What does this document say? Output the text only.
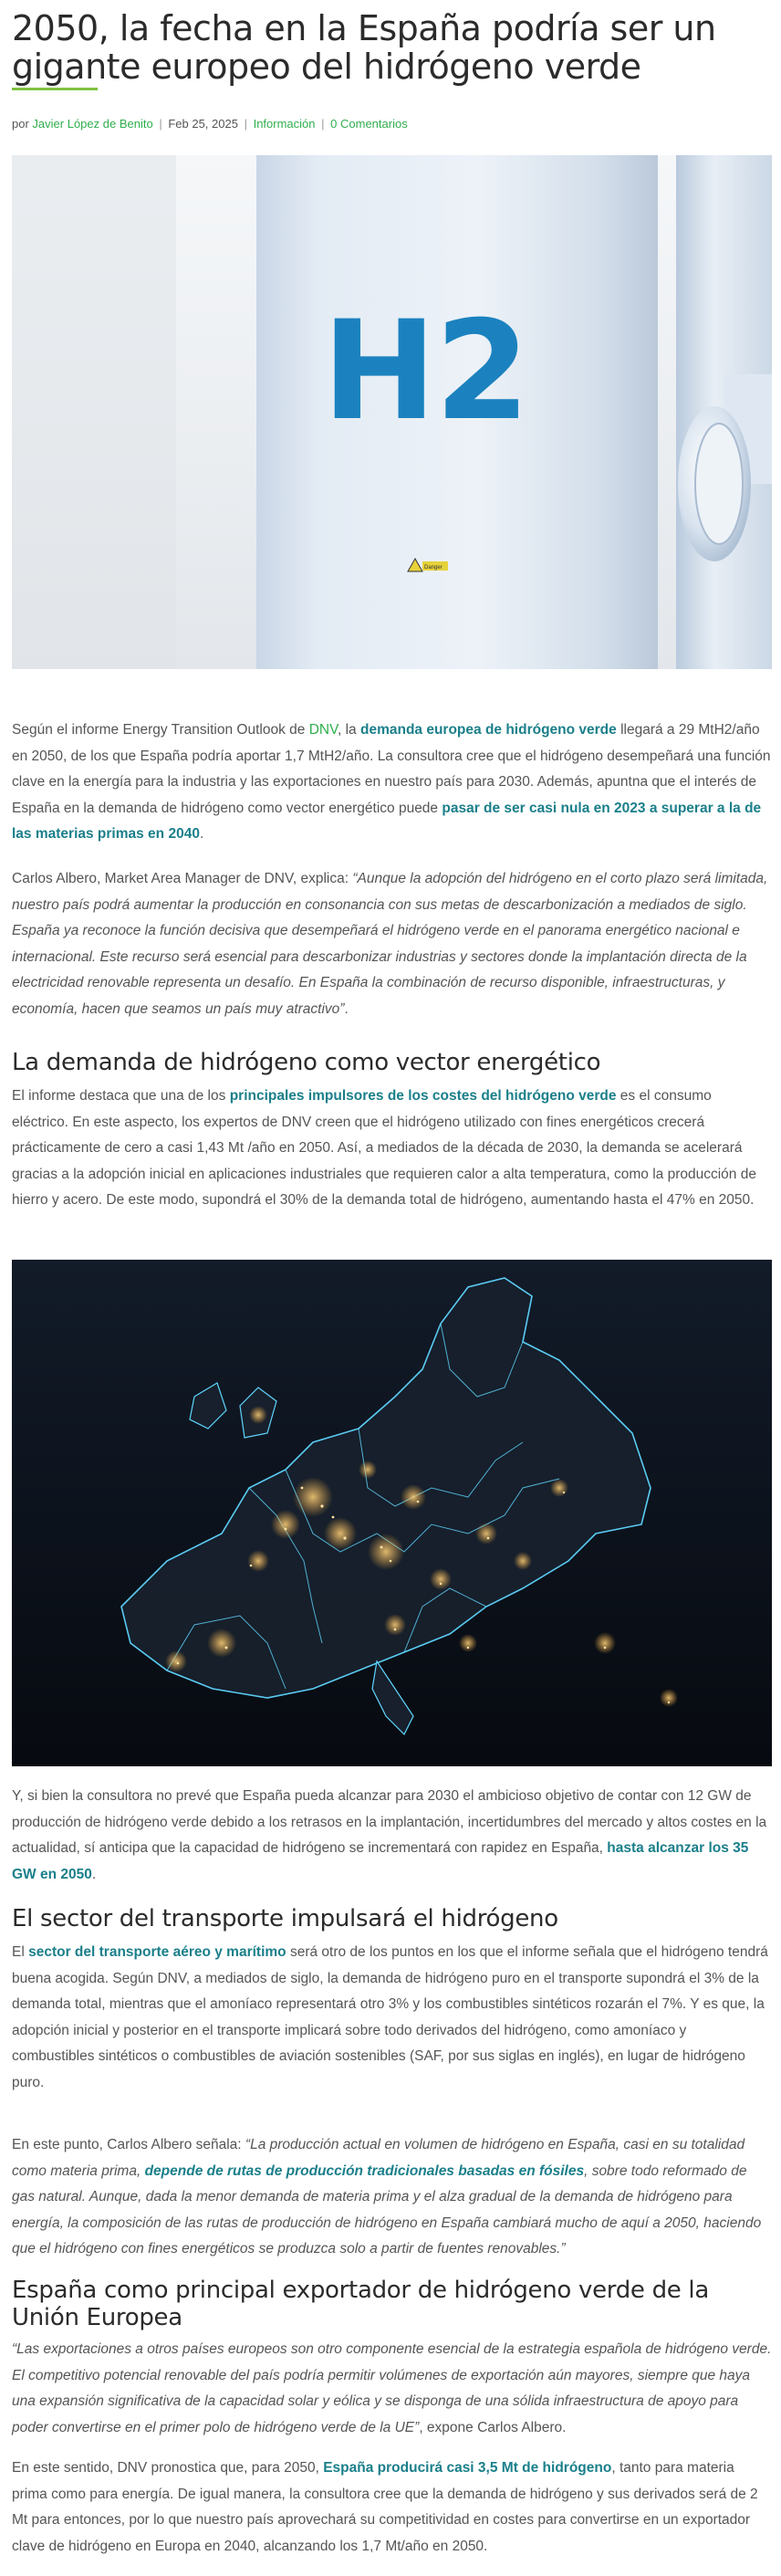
2050, la fecha en la España podría ser un gigante europeo del hidrógeno verde
por Javier López de Benito | Feb 25, 2025 | Información | 0 Comentarios
Danger
H2

Según el informe Energy Transition Outlook de DNV, la demanda europea de hidrógeno verde llegará a 29 MtH2/año en 2050, de los que España podría aportar 1,7 MtH2/año. La consultora cree que el hidrógeno desempeñará una función clave en la energía para la industria y las exportaciones en nuestro país para 2030. Además, apuntna que el interés de España en la demanda de hidrógeno como vector energético puede pasar de ser casi nula en 2023 a superar a la de las materias primas en 2040.

Carlos Albero, Market Area Manager de DNV, explica: “Aunque la adopción del hidrógeno en el corto plazo será limitada, nuestro país podrá aumentar la producción en consonancia con sus metas de descarbonización a mediados de siglo. España ya reconoce la función decisiva que desempeñará el hidrógeno verde en el panorama energético nacional e internacional. Este recurso será esencial para descarbonizar industrias y sectores donde la implantación directa de la electricidad renovable representa un desafío. En España la combinación de recurso disponible, infraestructuras, y economía, hacen que seamos un país muy atractivo”.

La demanda de hidrógeno como vector energético

El informe destaca que una de los principales impulsores de los costes del hidrógeno verde es el consumo eléctrico. En este aspecto, los expertos de DNV creen que el hidrógeno utilizado con fines energéticos crecerá prácticamente de cero a casi 1,43 Mt /año en 2050. Así, a mediados de la década de 2030, la demanda se acelerará gracias a la adopción inicial en aplicaciones industriales que requieren calor a alta temperatura, como la producción de hierro y acero. De este modo, supondrá el 30% de la demanda total de hidrógeno, aumentando hasta el 47% en 2050.

Y, si bien la consultora no prevé que España pueda alcanzar para 2030 el ambicioso objetivo de contar con 12 GW de producción de hidrógeno verde debido a los retrasos en la implantación, incertidumbres del mercado y altos costes en la actualidad, sí anticipa que la capacidad de hidrógeno se incrementará con rapidez en España, hasta alcanzar los 35 GW en 2050.

El sector del transporte impulsará el hidrógeno

El sector del transporte aéreo y marítimo será otro de los puntos en los que el informe señala que el hidrógeno tendrá buena acogida. Según DNV, a mediados de siglo, la demanda de hidrógeno puro en el transporte supondrá el 3% de la demanda total, mientras que el amoníaco representará otro 3% y los combustibles sintéticos rozarán el 7%. Y es que, la adopción inicial y posterior en el transporte implicará sobre todo derivados del hidrógeno, como amoníaco y combustibles sintéticos o combustibles de aviación sostenibles (SAF, por sus siglas en inglés), en lugar de hidrógeno puro.

En este punto, Carlos Albero señala: “La producción actual en volumen de hidrógeno en España, casi en su totalidad como materia prima, depende de rutas de producción tradicionales basadas en fósiles, sobre todo reformado de gas natural. Aunque, dada la menor demanda de materia prima y el alza gradual de la demanda de hidrógeno para energía, la composición de las rutas de producción de hidrógeno en España cambiará mucho de aquí a 2050, haciendo que el hidrógeno con fines energéticos se produzca solo a partir de fuentes renovables.”

España como principal exportador de hidrógeno verde de la Unión Europea

“Las exportaciones a otros países europeos son otro componente esencial de la estrategia española de hidrógeno verde. El competitivo potencial renovable del país podría permitir volúmenes de exportación aún mayores, siempre que haya una expansión significativa de la capacidad solar y eólica y se disponga de una sólida infraestructura de apoyo para poder convertirse en el primer polo de hidrógeno verde de la UE”, expone Carlos Albero.

En este sentido, DNV pronostica que, para 2050, España producirá casi 3,5 Mt de hidrógeno, tanto para materia prima como para energía. De igual manera, la consultora cree que la demanda de hidrógeno y sus derivados será de 2 Mt para entonces, por lo que nuestro país aprovechará su competitividad en costes para convertirse en un exportador clave de hidrógeno en Europa en 2040, alcanzando los 1,7 Mt/año en 2050.
